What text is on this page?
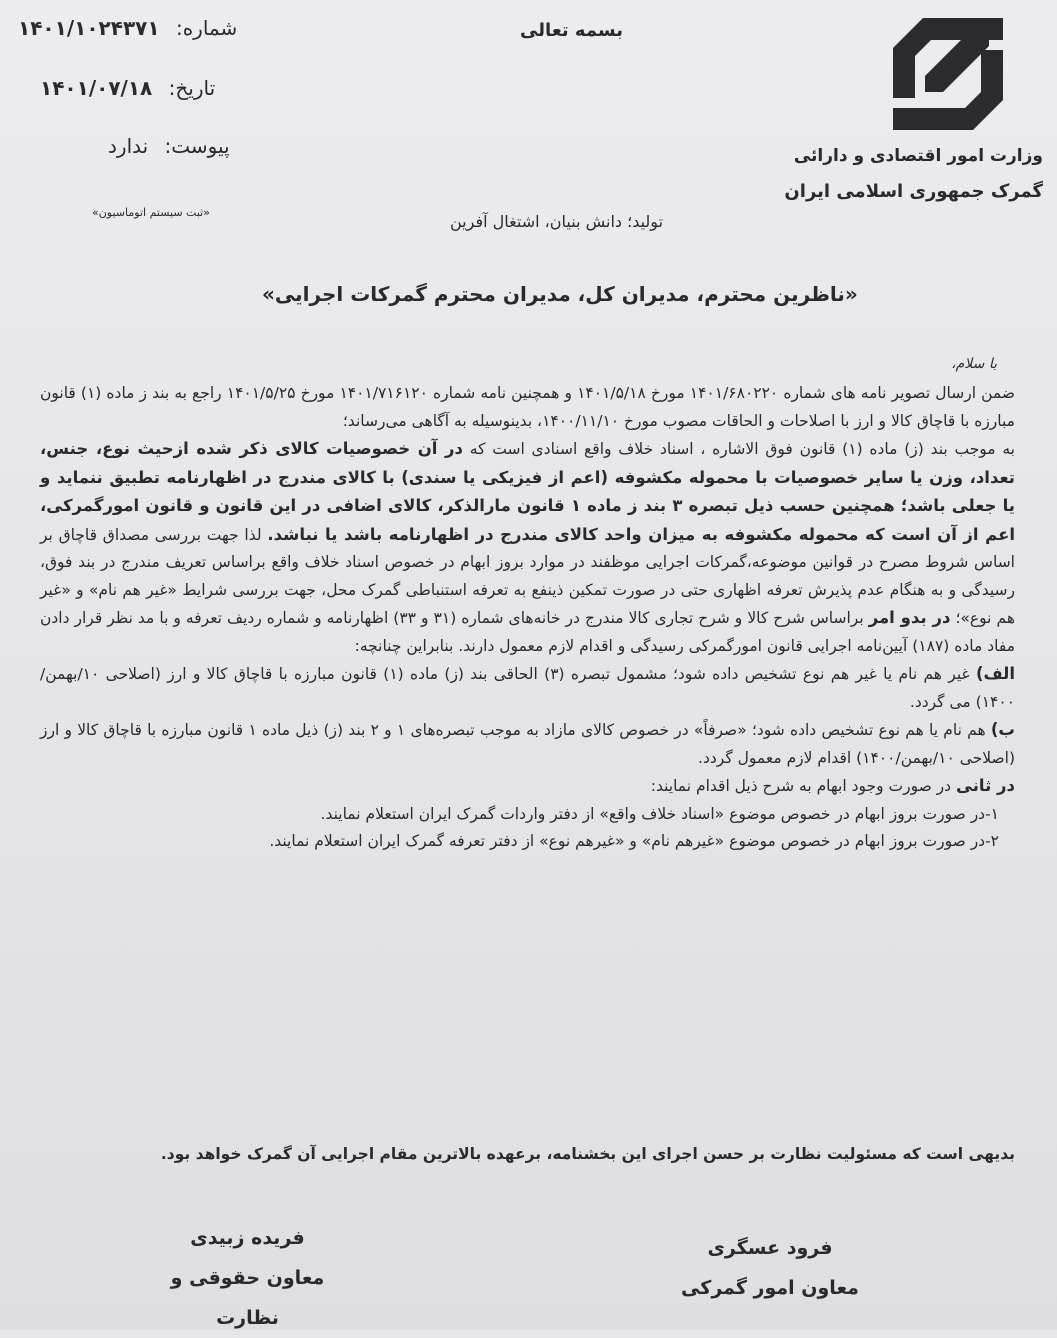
وزارت امور اقتصادی و دارائی
گمرک جمهوری اسلامی ایران
بسمه تعالی
شماره: ۱۴۰۱/۱۰۲۴۳۷۱
تاریخ: ۱۴۰۱/۰۷/۱۸
پیوست: ندارد
«ثبت سیستم اتوماسیون»	تولید؛ دانش بنیان، اشتغال آفرین
«ناظرین محترم، مدیران کل، مدیران محترم گمرکات اجرایی»
با سلام،

ضمن ارسال تصویر نامه های شماره ۱۴۰۱/۶۸۰۲۲۰ مورخ ۱۴۰۱/۵/۱۸ و همچنین نامه شماره ۱۴۰۱/۷۱۶۱۲۰ مورخ ۱۴۰۱/۵/۲۵ راجع به بند ز ماده (۱) قانون مبارزه با قاچاق کالا و ارز با اصلاحات و الحاقات مصوب مورخ ۱۴۰۰/۱۱/۱۰، بدینوسیله به آگاهی می‌رساند؛

به موجب بند (ز) ماده (۱) قانون فوق الاشاره ، اسناد خلاف واقع اسنادی است که در آن خصوصیات کالای ذکر شده ازحیث نوع، جنس، تعداد، وزن یا سایر خصوصیات با محموله مکشوفه (اعم از فیزیکی یا سندی) با کالای مندرج در اظهارنامه تطبیق ننماید و یا جعلی باشد؛ همچنین حسب ذیل تبصره ۳ بند ز ماده ۱ قانون مارالذکر، کالای اضافی در این قانون و قانون امورگمرکی، اعم از آن است که محموله مکشوفه به میزان واحد کالای مندرج در اظهارنامه باشد یا نباشد. لذا جهت بررسی مصداق قاچاق بر اساس شروط مصرح در قوانین موضوعه،گمرکات اجرایی موظفند در موارد بروز ابهام در خصوص اسناد خلاف واقع براساس تعریف مندرج در بند فوق، رسیدگی و به هنگام عدم پذیرش تعرفه اظهاری حتی در صورت تمکین ذینفع به تعرفه استنباطی گمرک محل، جهت بررسی شرایط «غیر هم نام» و «غیر هم نوع»؛ در بدو امر براساس شرح کالا و شرح تجاری کالا مندرج در خانه‌های شماره (۳۱ و ۳۳) اظهارنامه و شماره ردیف تعرفه و با مد نظر قرار دادن مفاد ماده (۱۸۷) آیین‌نامه اجرایی قانون امورگمرکی رسیدگی و اقدام لازم معمول دارند. بنابراین چنانچه:

الف) غیر هم نام یا غیر هم نوع تشخیص داده شود؛ مشمول تبصره (۳) الحاقی بند (ز) ماده (۱) قانون مبارزه با قاچاق کالا و ارز (اصلاحی ۱۰/بهمن/۱۴۰۰) می گردد.

ب) هم نام یا هم نوع تشخیص داده شود؛ «صرفاً» در خصوص کالای مازاد به موجب تبصره‌های ۱ و ۲ بند (ز) ذیل ماده ۱ قانون مبارزه با قاچاق کالا و ارز (اصلاحی ۱۰/بهمن/۱۴۰۰) اقدام لازم معمول گردد.

در ثانی در صورت وجود ابهام به شرح ذیل اقدام نمایند:

۱-در صورت بروز ابهام در خصوص موضوع «اسناد خلاف واقع» از دفتر واردات گمرک ایران استعلام نمایند.

۲-در صورت بروز ابهام در خصوص موضوع «غیرهم نام» و «غیرهم نوع» از دفتر تعرفه گمرک ایران استعلام نمایند.

بدیهی است که مسئولیت نظارت بر حسن اجرای این بخشنامه، برعهده بالاترین مقام اجرایی آن گمرک خواهد بود.
فریده زبیدی
معاون حقوقی و نظارت
فرود عسگری
معاون امور گمرکی
